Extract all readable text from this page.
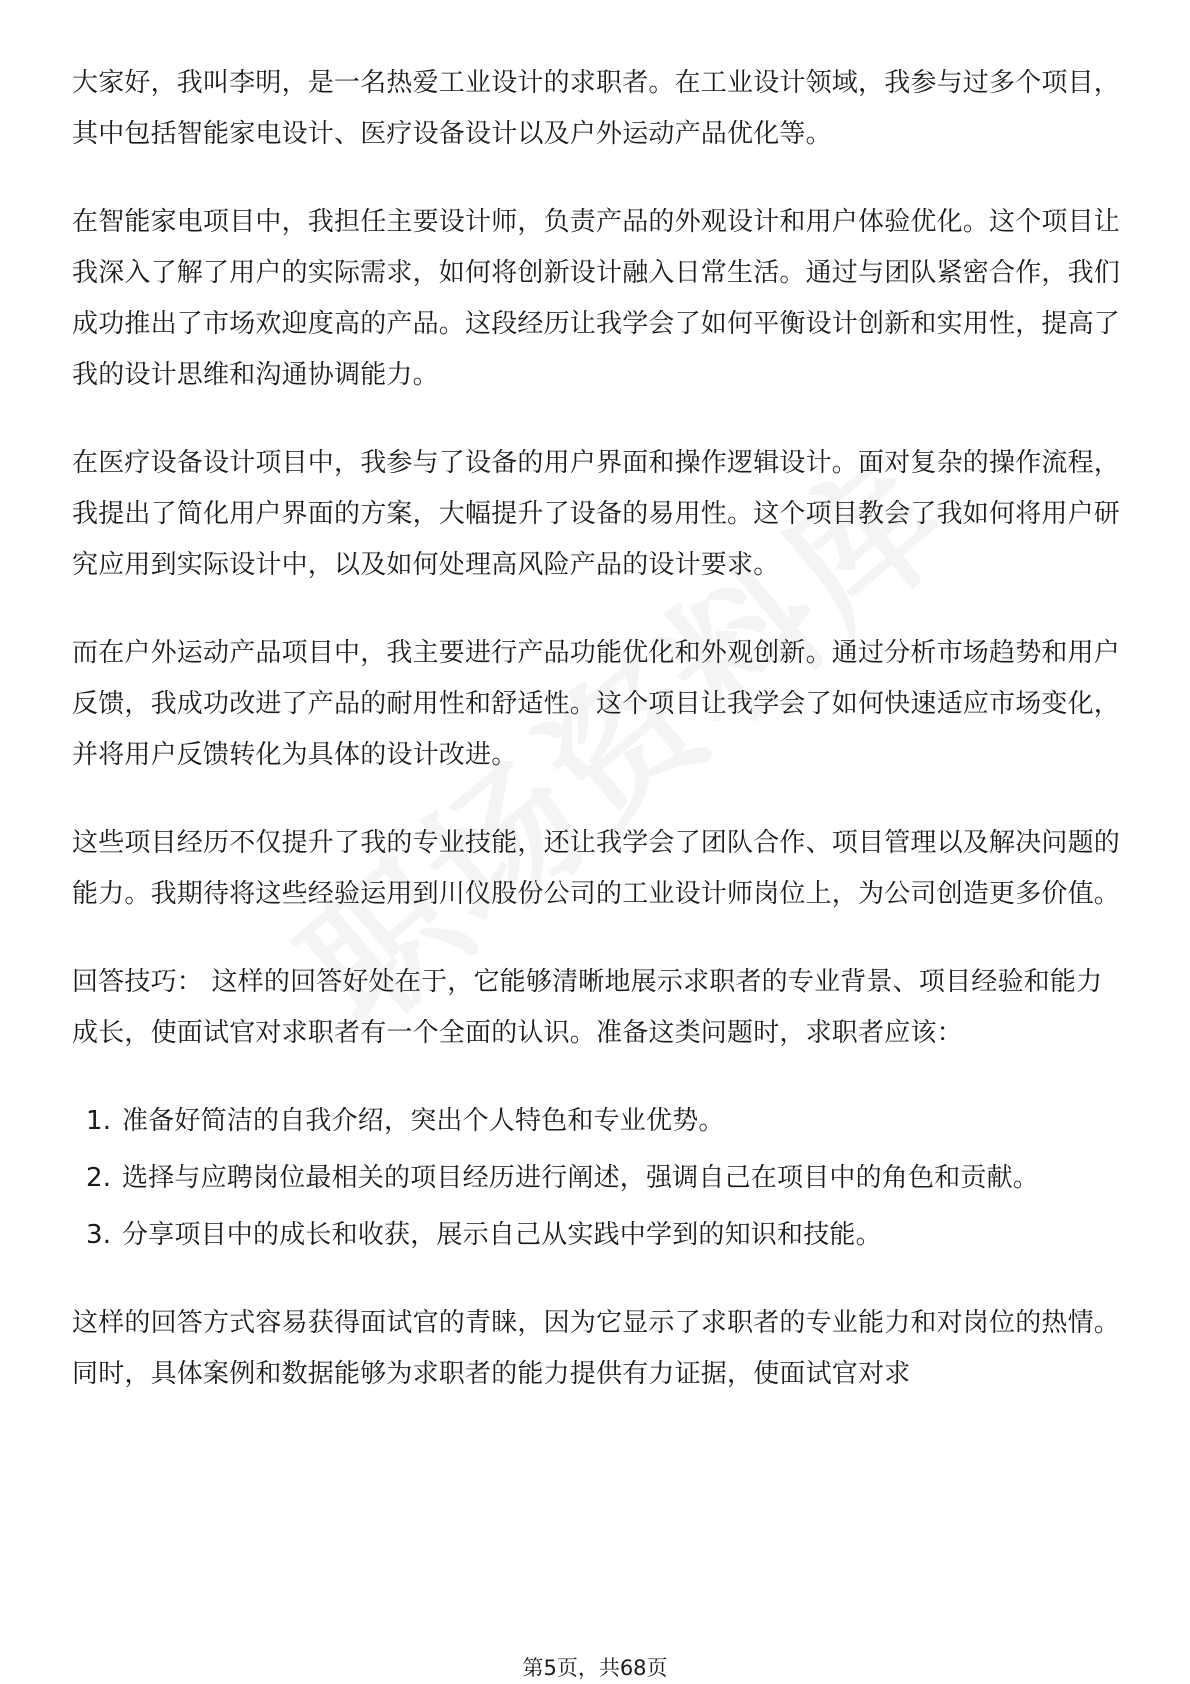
大家好，我叫李明，是一名热爱工业设计的求职者。在工业设计领域，我参与过多个项目，其中包括智能家电设计、医疗设备设计以及户外运动产品优化等。

在智能家电项目中，我担任主要设计师，负责产品的外观设计和用户体验优化。这个项目让我深入了解了用户的实际需求，如何将创新设计融入日常生活。通过与团队紧密合作，我们成功推出了市场欢迎度高的产品。这段经历让我学会了如何平衡设计创新和实用性，提高了我的设计思维和沟通协调能力。

在医疗设备设计项目中，我参与了设备的用户界面和操作逻辑设计。面对复杂的操作流程，我提出了简化用户界面的方案，大幅提升了设备的易用性。这个项目教会了我如何将用户研究应用到实际设计中，以及如何处理高风险产品的设计要求。

而在户外运动产品项目中，我主要进行产品功能优化和外观创新。通过分析市场趋势和用户反馈，我成功改进了产品的耐用性和舒适性。这个项目让我学会了如何快速适应市场变化，并将用户反馈转化为具体的设计改进。

这些项目经历不仅提升了我的专业技能，还让我学会了团队合作、项目管理以及解决问题的能力。我期待将这些经验运用到川仪股份公司的工业设计师岗位上，为公司创造更多价值。

回答技巧： 这样的回答好处在于，它能够清晰地展示求职者的专业背景、项目经验和能力成长，使面试官对求职者有一个全面的认识。准备这类问题时，求职者应该：

1. 准备好简洁的自我介绍，突出个人特色和专业优势。
2. 选择与应聘岗位最相关的项目经历进行阐述，强调自己在项目中的角色和贡献。
3. 分享项目中的成长和收获，展示自己从实践中学到的知识和技能。

这样的回答方式容易获得面试官的青睐，因为它显示了求职者的专业能力和对岗位的热情。同时，具体案例和数据能够为求职者的能力提供有力证据，使面试官对求

第5页，共68页
